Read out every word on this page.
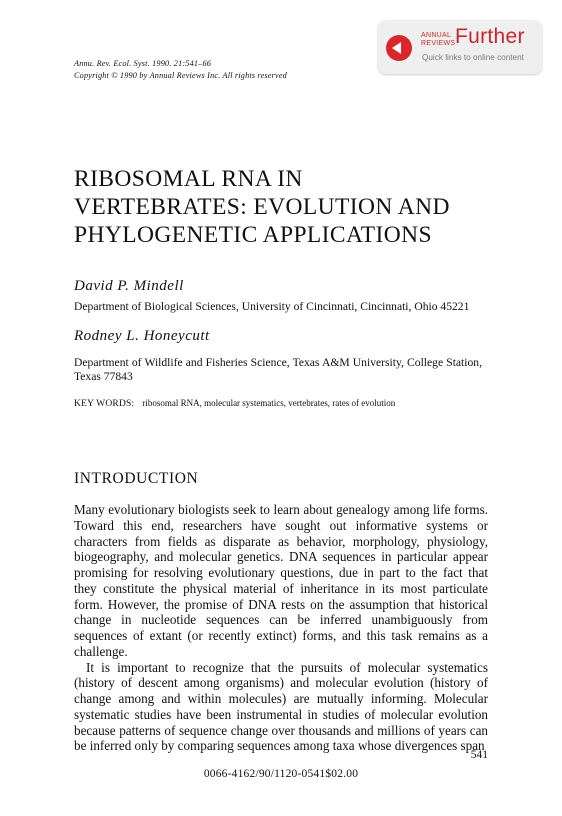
Annu. Rev. Ecol. Syst. 1990. 21:541–66
Copyright © 1990 by Annual Reviews Inc. All rights reserved
ANNUAL
REVIEWS Further
Quick links to online content
RIBOSOMAL RNA IN
VERTEBRATES: EVOLUTION AND
PHYLOGENETIC APPLICATIONS
David P. Mindell
Department of Biological Sciences, University of Cincinnati, Cincinnati, Ohio 45221
Rodney L. Honeycutt
Department of Wildlife and Fisheries Science, Texas A&M University, College Station, Texas 77843
KEY WORDS: ribosomal RNA, molecular systematics, vertebrates, rates of evolution
INTRODUCTION

Many evolutionary biologists seek to learn about genealogy among life forms. Toward this end, researchers have sought out informative systems or characters from fields as disparate as behavior, morphology, physiology, biogeography, and molecular genetics. DNA sequences in particular appear promising for resolving evolutionary questions, due in part to the fact that they constitute the physical material of inheritance in its most particulate form. However, the promise of DNA rests on the assumption that historical change in nucleotide sequences can be inferred unambiguously from sequences of extant (or recently extinct) forms, and this task remains as a challenge.

It is important to recognize that the pursuits of molecular systematics (history of descent among organisms) and molecular evolution (history of change among and within molecules) are mutually informing. Molecular systematic studies have been instrumental in studies of molecular evolution because patterns of sequence change over thousands and millions of years can be inferred only by comparing sequences among taxa whose divergences span

541
0066-4162/90/1120-0541$02.00
